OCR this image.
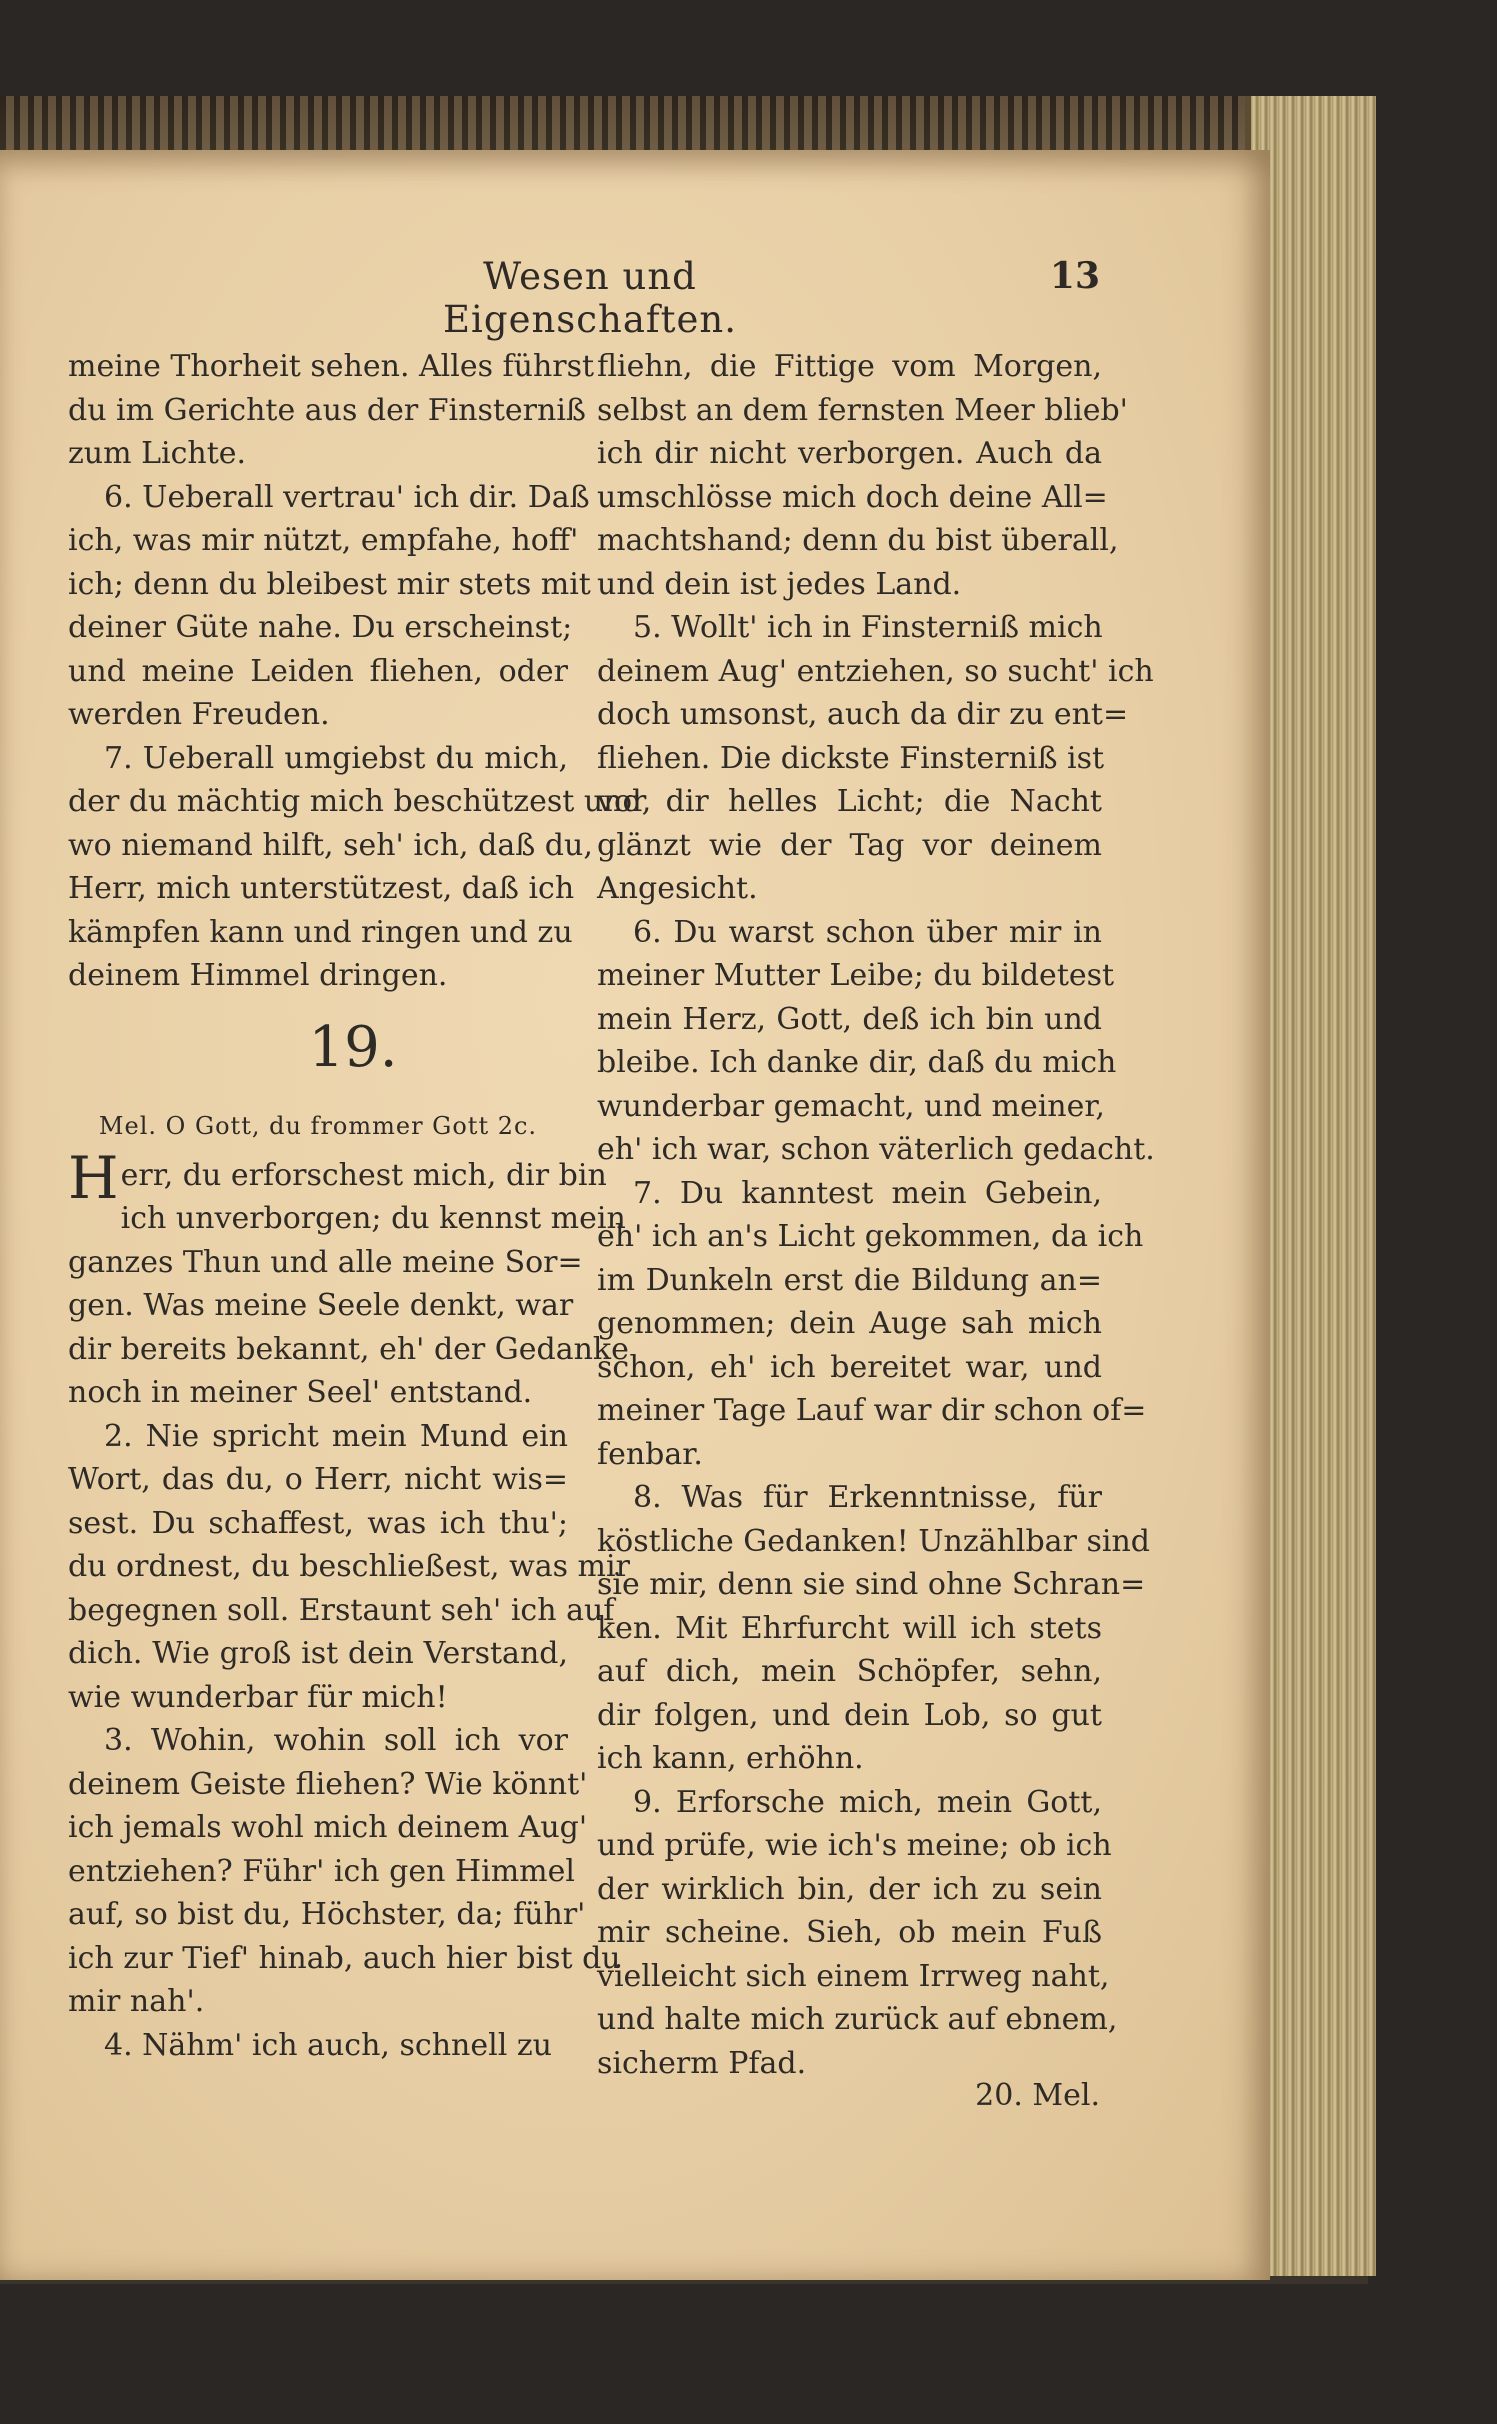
Wesen und Eigenschaften.
13
meine Thorheit sehen. Alles führst
du im Gerichte aus der Finsterniß
zum Lichte.
6. Ueberall vertrau' ich dir. Daß
ich, was mir nützt, empfahe, hoff'
ich; denn du bleibest mir stets mit
deiner Güte nahe. Du erscheinst;
und meine Leiden fliehen, oder
werden Freuden.
7. Ueberall umgiebst du mich,
der du mächtig mich beschützest und,
wo niemand hilft, seh' ich, daß du,
Herr, mich unterstützest, daß ich
kämpfen kann und ringen und zu
deinem Himmel dringen.
19.
Mel. O Gott, du frommer Gott 2c.
H err, du erforschest mich, dir bin
ich unverborgen; du kennst mein
ganzes Thun und alle meine Sor=
gen. Was meine Seele denkt, war
dir bereits bekannt, eh' der Gedanke
noch in meiner Seel' entstand.
2. Nie spricht mein Mund ein
Wort, das du, o Herr, nicht wis=
sest. Du schaffest, was ich thu';
du ordnest, du beschließest, was mir
begegnen soll. Erstaunt seh' ich auf
dich. Wie groß ist dein Verstand,
wie wunderbar für mich!
3. Wohin, wohin soll ich vor
deinem Geiste fliehen? Wie könnt'
ich jemals wohl mich deinem Aug'
entziehen? Führ' ich gen Himmel
auf, so bist du, Höchster, da; führ'
ich zur Tief' hinab, auch hier bist du
mir nah'.
4. Nähm' ich auch, schnell zu
fliehn, die Fittige vom Morgen,
selbst an dem fernsten Meer blieb'
ich dir nicht verborgen. Auch da
umschlösse mich doch deine All=
machtshand; denn du bist überall,
und dein ist jedes Land.
5. Wollt' ich in Finsterniß mich
deinem Aug' entziehen, so sucht' ich
doch umsonst, auch da dir zu ent=
fliehen. Die dickste Finsterniß ist
vor dir helles Licht; die Nacht
glänzt wie der Tag vor deinem
Angesicht.
6. Du warst schon über mir in
meiner Mutter Leibe; du bildetest
mein Herz, Gott, deß ich bin und
bleibe. Ich danke dir, daß du mich
wunderbar gemacht, und meiner,
eh' ich war, schon väterlich gedacht.
7. Du kanntest mein Gebein,
eh' ich an's Licht gekommen, da ich
im Dunkeln erst die Bildung an=
genommen; dein Auge sah mich
schon, eh' ich bereitet war, und
meiner Tage Lauf war dir schon of=
fenbar.
8. Was für Erkenntnisse, für
köstliche Gedanken! Unzählbar sind
sie mir, denn sie sind ohne Schran=
ken. Mit Ehrfurcht will ich stets
auf dich, mein Schöpfer, sehn,
dir folgen, und dein Lob, so gut
ich kann, erhöhn.
9. Erforsche mich, mein Gott,
und prüfe, wie ich's meine; ob ich
der wirklich bin, der ich zu sein
mir scheine. Sieh, ob mein Fuß
vielleicht sich einem Irrweg naht,
und halte mich zurück auf ebnem,
sicherm Pfad.
20. Mel.
